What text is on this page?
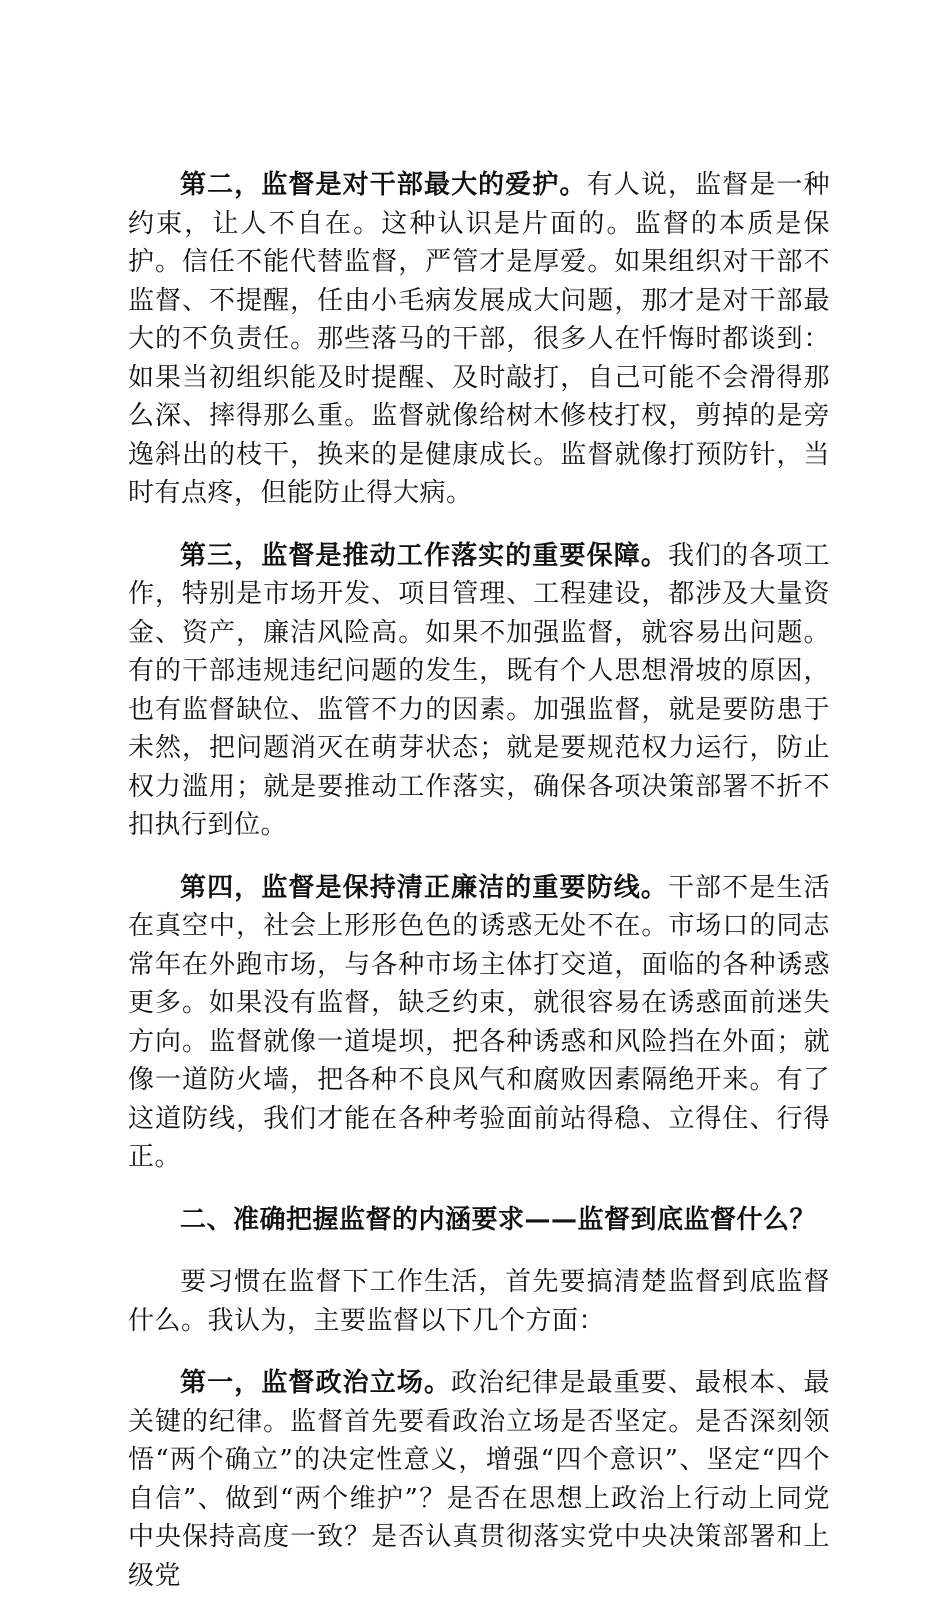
第二，监督是对干部最大的爱护。有人说，监督是一种约束，让人不自在。这种认识是片面的。监督的本质是保护。信任不能代替监督，严管才是厚爱。如果组织对干部不监督、不提醒，任由小毛病发展成大问题，那才是对干部最大的不负责任。那些落马的干部，很多人在忏悔时都谈到：如果当初组织能及时提醒、及时敲打，自己可能不会滑得那么深、摔得那么重。监督就像给树木修枝打杈，剪掉的是旁逸斜出的枝干，换来的是健康成长。监督就像打预防针，当时有点疼，但能防止得大病。

第三，监督是推动工作落实的重要保障。我们的各项工作，特别是市场开发、项目管理、工程建设，都涉及大量资金、资产，廉洁风险高。如果不加强监督，就容易出问题。有的干部违规违纪问题的发生，既有个人思想滑坡的原因，也有监督缺位、监管不力的因素。加强监督，就是要防患于未然，把问题消灭在萌芽状态；就是要规范权力运行，防止权力滥用；就是要推动工作落实，确保各项决策部署不折不扣执行到位。

第四，监督是保持清正廉洁的重要防线。干部不是生活在真空中，社会上形形色色的诱惑无处不在。市场口的同志常年在外跑市场，与各种市场主体打交道，面临的各种诱惑更多。如果没有监督，缺乏约束，就很容易在诱惑面前迷失方向。监督就像一道堤坝，把各种诱惑和风险挡在外面；就像一道防火墙，把各种不良风气和腐败因素隔绝开来。有了这道防线，我们才能在各种考验面前站得稳、立得住、行得正。

二、准确把握监督的内涵要求——监督到底监督什么？

要习惯在监督下工作生活，首先要搞清楚监督到底监督什么。我认为，主要监督以下几个方面：

第一，监督政治立场。政治纪律是最重要、最根本、最关键的纪律。监督首先要看政治立场是否坚定。是否深刻领悟“两个确立”的决定性意义，增强“四个意识”、坚定“四个自信”、做到“两个维护”？是否在思想上政治上行动上同党中央保持高度一致？是否认真贯彻落实党中央决策部署和上级党
